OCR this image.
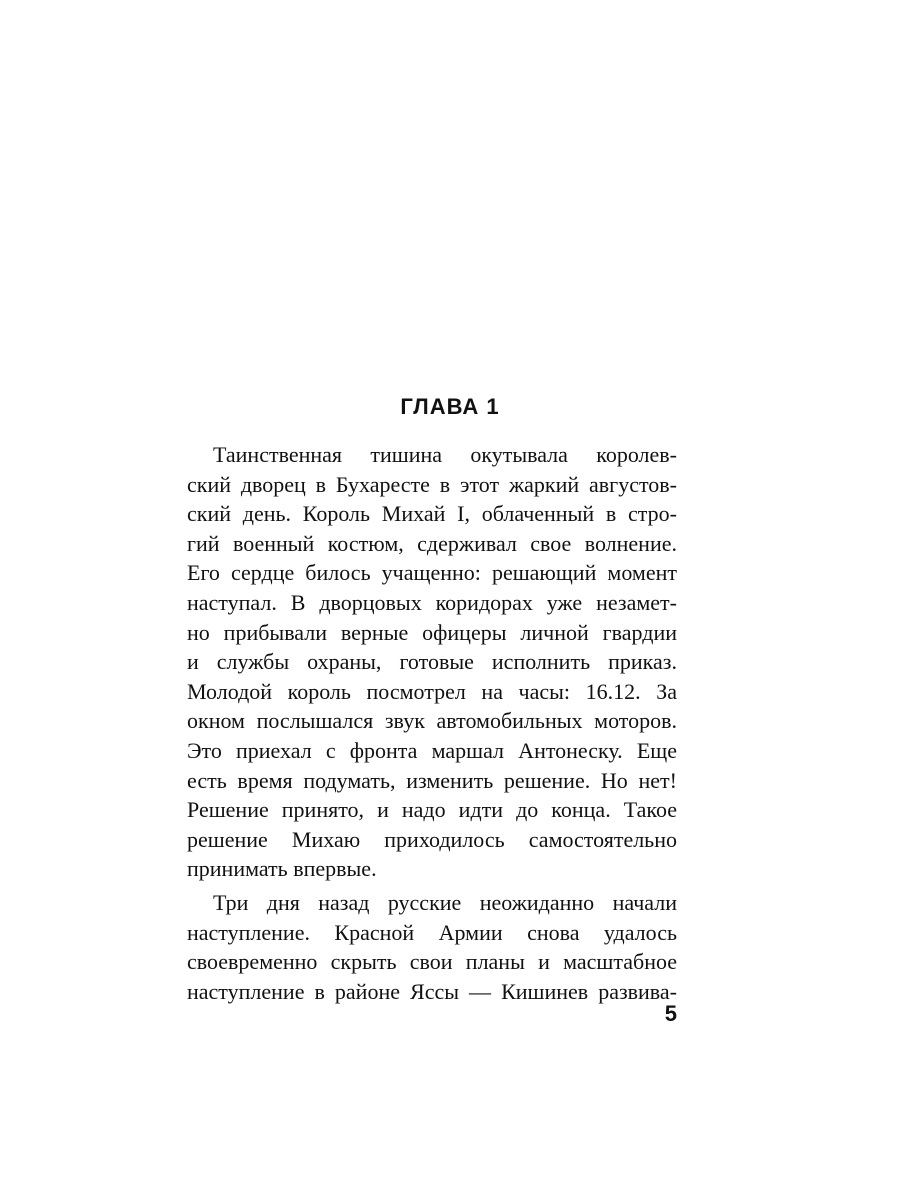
ГЛАВА 1
Таинственная тишина окутывала королев-
ский дворец в Бухаресте в этот жаркий августов-
ский день. Король Михай I, облаченный в стро-
гий военный костюм, сдерживал свое волнение.
Его сердце билось учащенно: решающий момент
наступал. В дворцовых коридорах уже незамет-
но прибывали верные офицеры личной гвардии
и службы охраны, готовые исполнить приказ.
Молодой король посмотрел на часы: 16.12. За
окном послышался звук автомобильных моторов.
Это приехал с фронта маршал Антонеску. Еще
есть время подумать, изменить решение. Но нет!
Решение принято, и надо идти до конца. Такое
решение Михаю приходилось самостоятельно
принимать впервые.
Три дня назад русские неожиданно начали
наступление. Красной Армии снова удалось
своевременно скрыть свои планы и масштабное
наступление в районе Яссы — Кишинев развива-
5
